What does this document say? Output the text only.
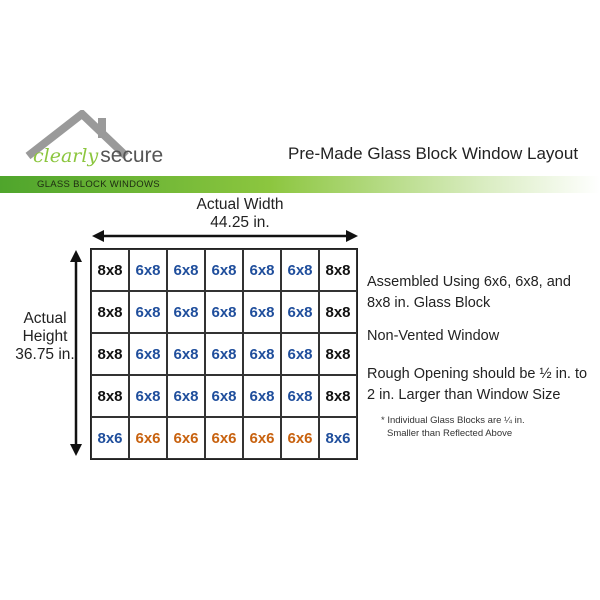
clearlysecure
GLASS BLOCK WINDOWS
Pre-Made Glass Block Window Layout
Actual Width
44.25 in.
Actual
Height
36.75 in.
8x8 6x8 6x8 6x8 6x8 6x8 8x8
8x8 6x8 6x8 6x8 6x8 6x8 8x8
8x8 6x8 6x8 6x8 6x8 6x8 8x8
8x8 6x8 6x8 6x8 6x8 6x8 8x8
8x6 6x6 6x6 6x6 6x6 6x6 8x6

Assembled Using 6x6, 6x8, and 8x8 in. Glass Block

Non-Vented Window

Rough Opening should be ½ in. to 2 in. Larger than Window Size

* Individual Glass Blocks are ¼ in.
Smaller than Reflected Above
